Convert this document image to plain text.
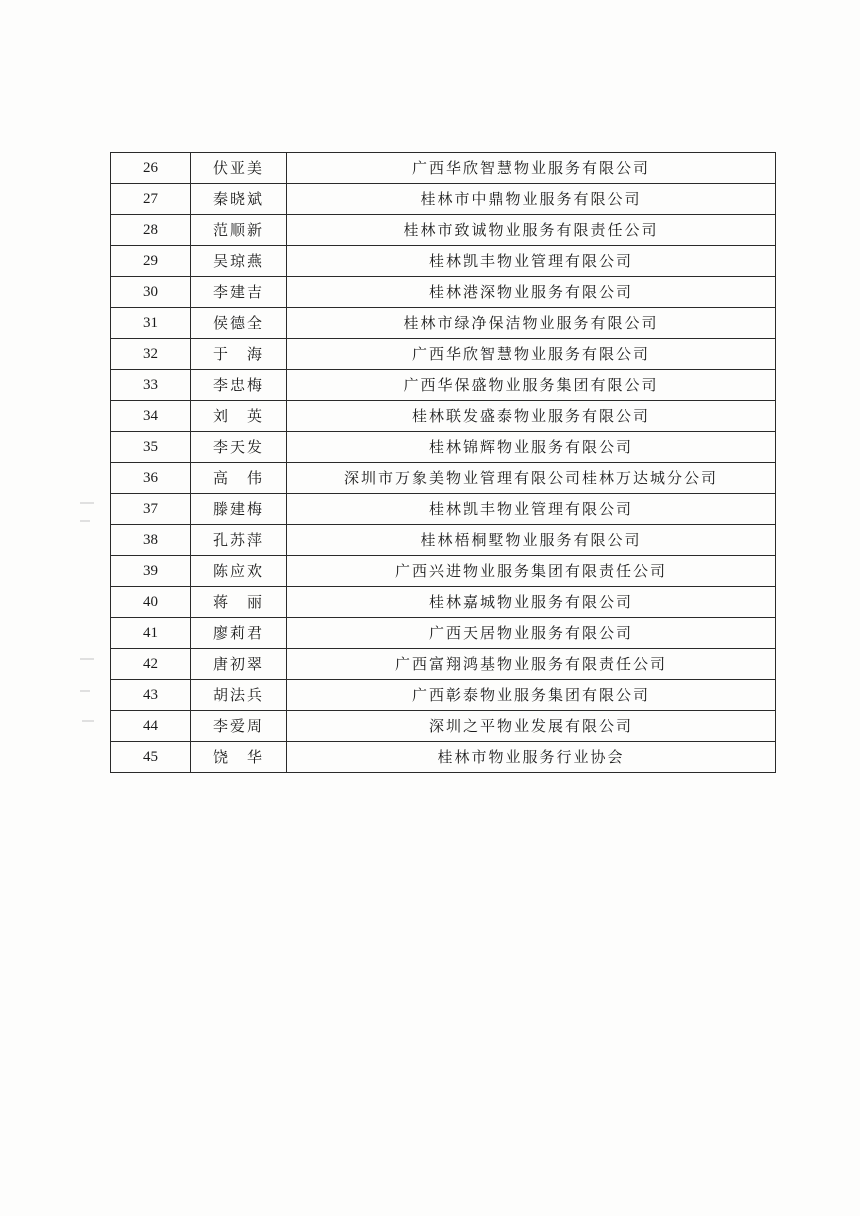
26	伏亚美	广西华欣智慧物业服务有限公司
27	秦晓斌	桂林市中鼎物业服务有限公司
28	范顺新	桂林市致诚物业服务有限责任公司
29	吴琼燕	桂林凯丰物业管理有限公司
30	李建吉	桂林港深物业服务有限公司
31	侯德全	桂林市绿净保洁物业服务有限公司
32	于　海	广西华欣智慧物业服务有限公司
33	李忠梅	广西华保盛物业服务集团有限公司
34	刘　英	桂林联发盛泰物业服务有限公司
35	李天发	桂林锦辉物业服务有限公司
36	高　伟	深圳市万象美物业管理有限公司桂林万达城分公司
37	滕建梅	桂林凯丰物业管理有限公司
38	孔苏萍	桂林梧桐墅物业服务有限公司
39	陈应欢	广西兴进物业服务集团有限责任公司
40	蒋　丽	桂林嘉城物业服务有限公司
41	廖莉君	广西天居物业服务有限公司
42	唐初翠	广西富翔鸿基物业服务有限责任公司
43	胡法兵	广西彰泰物业服务集团有限公司
44	李爱周	深圳之平物业发展有限公司
45	饶　华	桂林市物业服务行业协会
